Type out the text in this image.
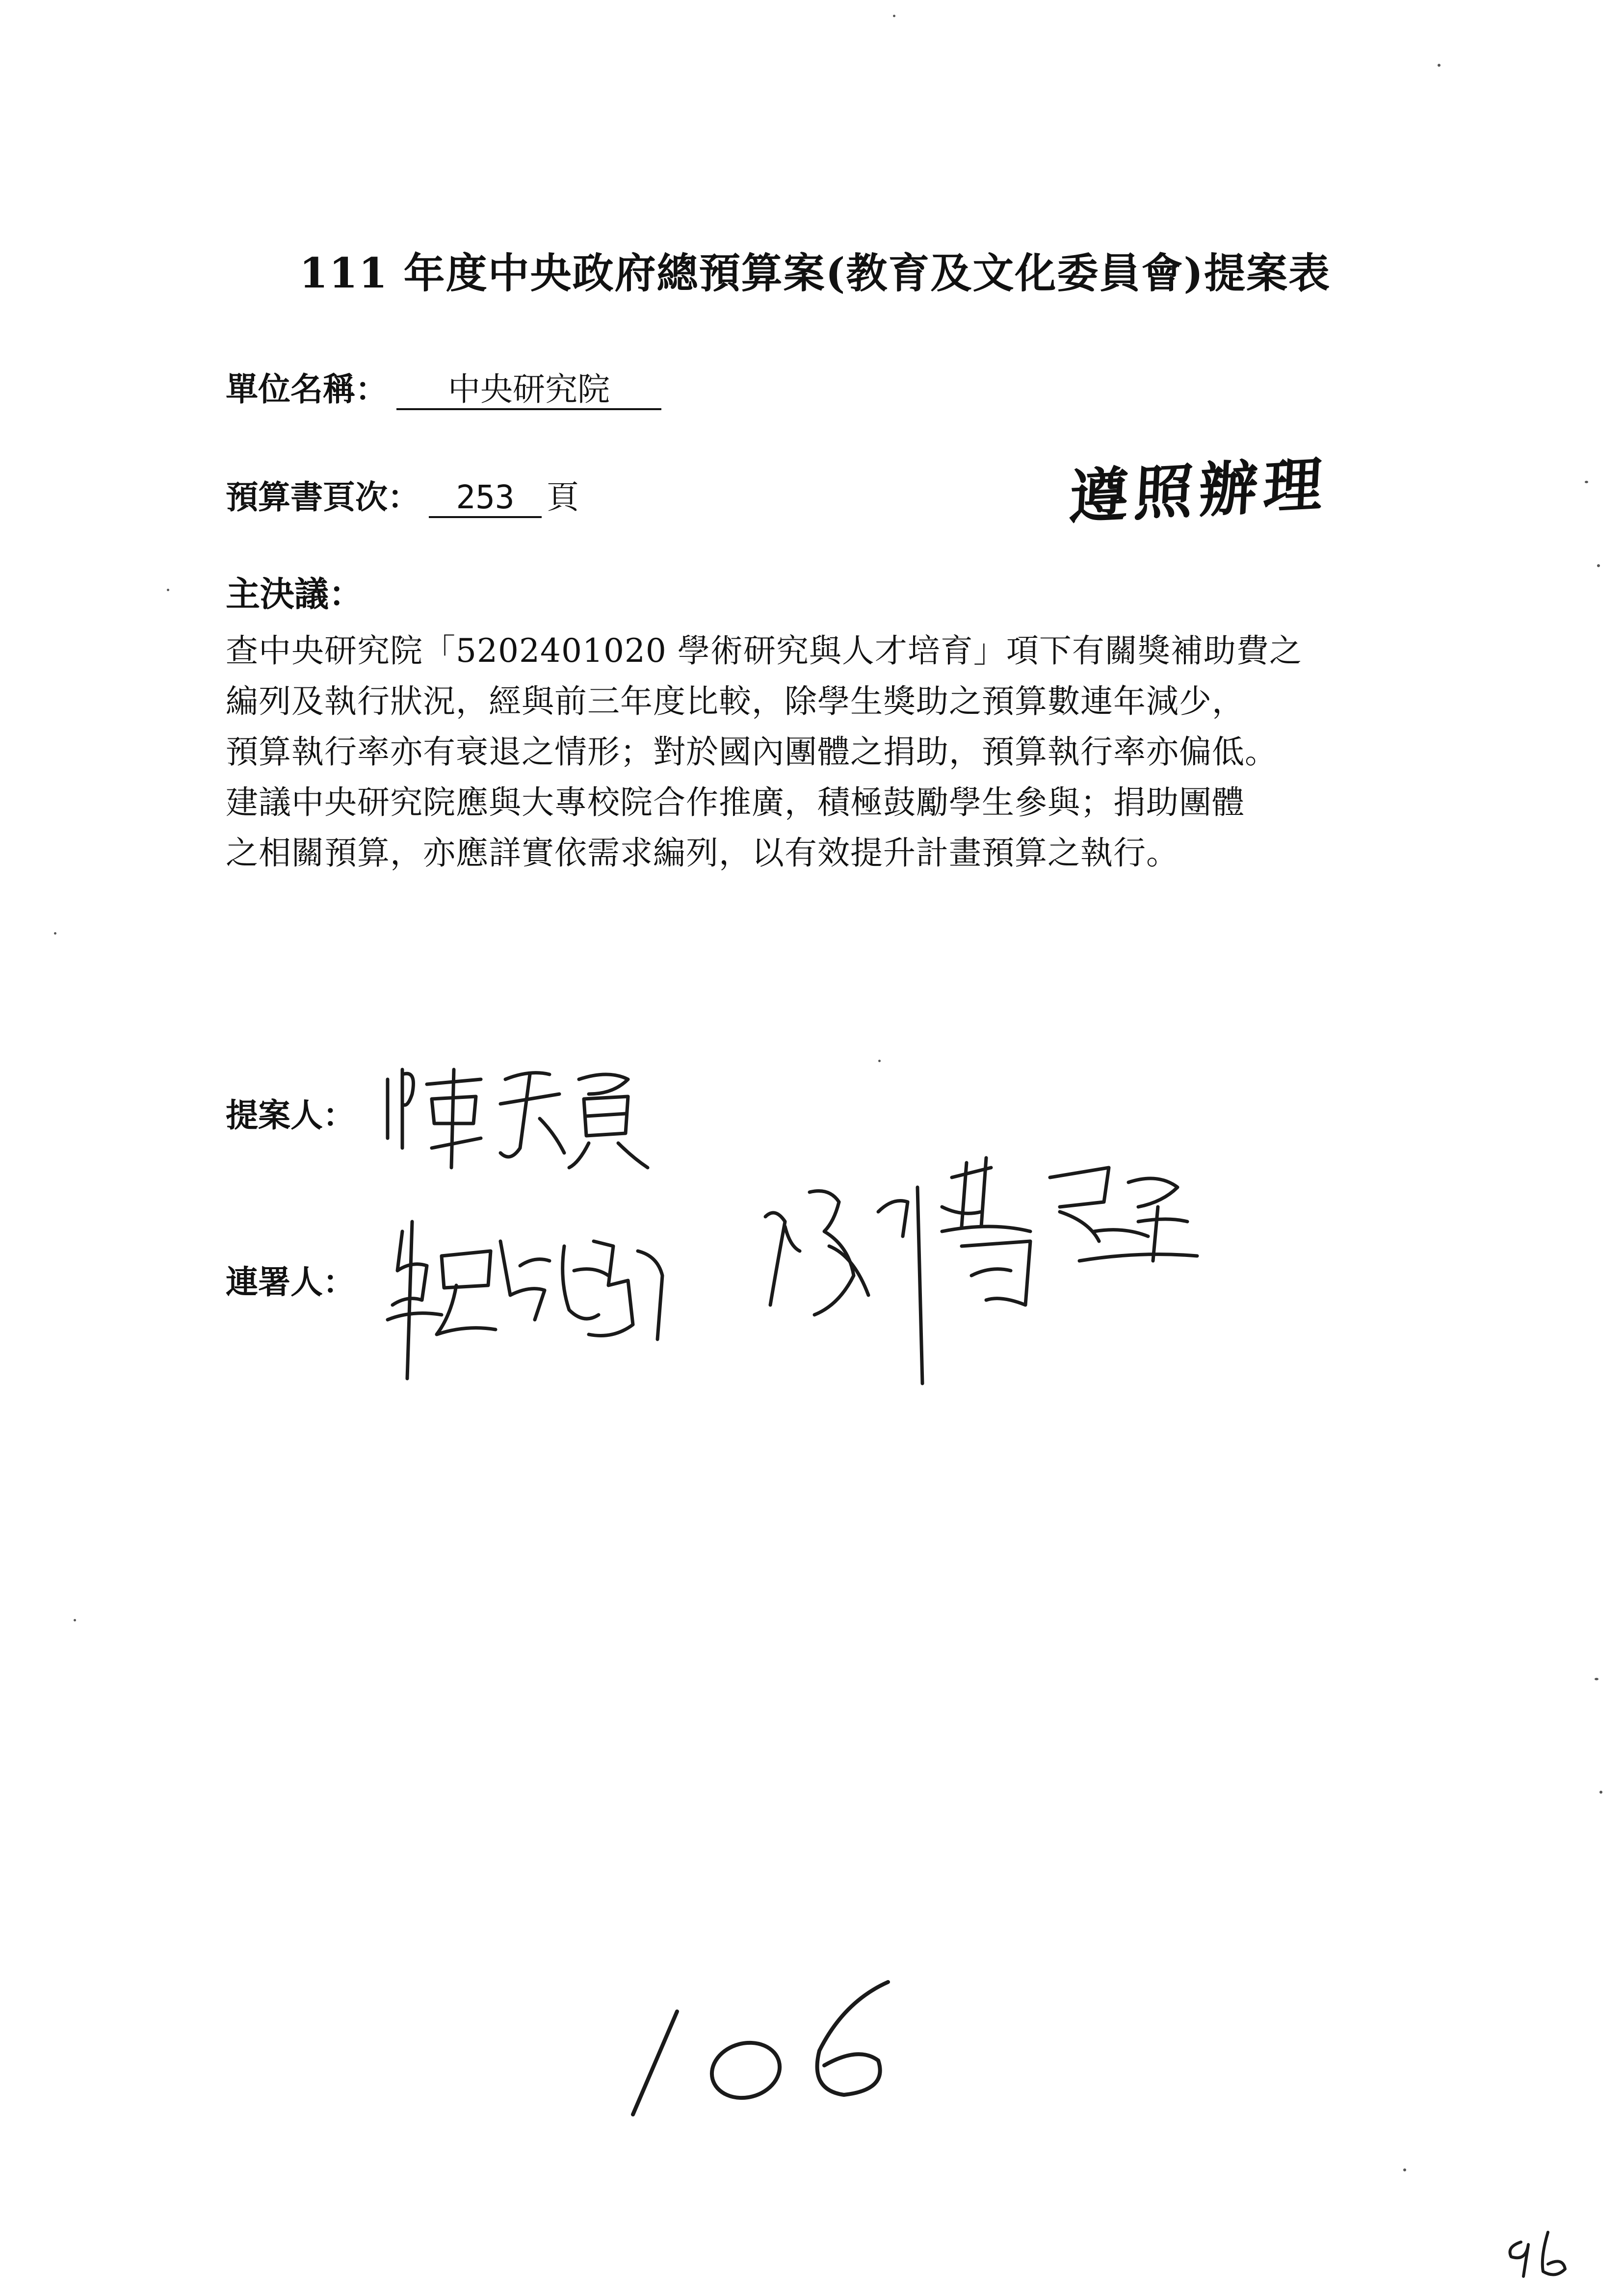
111 年度中央政府總預算案(教育及文化委員會)提案表
單位名稱： 中央研究院
預算書頁次： 253 頁	遵照辦理
主決議：
查中央研究院「5202401020 學術研究與人才培育」項下有關獎補助費之
編列及執行狀況，經與前三年度比較，除學生獎助之預算數連年減少，
預算執行率亦有衰退之情形；對於國內團體之捐助，預算執行率亦偏低。
建議中央研究院應與大專校院合作推廣，積極鼓勵學生參與；捐助團體
之相關預算，亦應詳實依需求編列，以有效提升計畫預算之執行。
提案人：
連署人：
